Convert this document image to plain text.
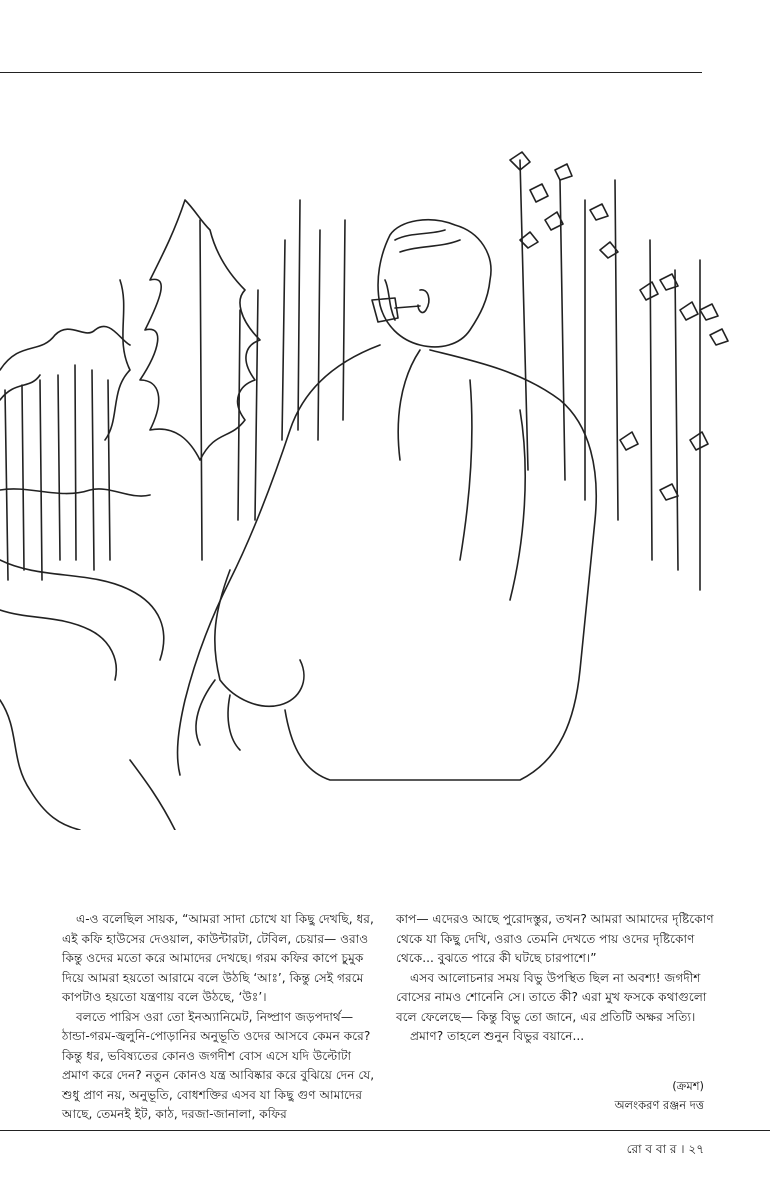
এ-ও বলেছিল সায়ক, “আমরা সাদা চোখে যা কিছু দেখছি, ধর, এই কফি হাউসের দেওয়াল, কাউন্টারটা, টেবিল, চেয়ার— ওরাও কিন্তু ওদের মতো করে আমাদের দেখছে। গরম কফির কাপে চুমুক দিয়ে আমরা হয়তো আরামে বলে উঠছি ‘আঃ’, কিন্তু সেই গরমে কাপটাও হয়তো যন্ত্রণায় বলে উঠছে, ‘উঃ’।

বলতে পারিস ওরা তো ইনঅ্যানিমেট, নিষ্প্রাণ জড়পদার্থ— ঠান্ডা-গরম-জ্বলুনি-পোড়ানির অনুভূতি ওদের আসবে কেমন করে? কিন্তু ধর, ভবিষ্যতের কোনও জগদীশ বোস এসে যদি উল্টোটা প্রমাণ করে দেন? নতুন কোনও যন্ত্র আবিষ্কার করে বুঝিয়ে দেন যে, শুধু প্রাণ নয়, অনুভূতি, বোধশক্তির এসব যা কিছু গুণ আমাদের আছে, তেমনই ইট, কাঠ, দরজা-জানালা, কফির

কাপ— এদেরও আছে পুরোদস্তুর, তখন? আমরা আমাদের দৃষ্টিকোণ থেকে যা কিছু দেখি, ওরাও তেমনি দেখতে পায় ওদের দৃষ্টিকোণ থেকে... বুঝতে পারে কী ঘটছে চারপাশে।”

এসব আলোচনার সময় বিভু উপস্থিত ছিল না অবশ্য! জগদীশ বোসের নামও শোনেনি সে। তাতে কী? এরা মুখ ফসকে কথাগুলো বলে ফেলেছে— কিন্তু বিভু তো জানে, এর প্রতিটি অক্ষর সত্যি।

প্রমাণ? তাহলে শুনুন বিভুর বয়ানে...

(ক্রমশ)
অলংকরণ রঞ্জন দত্ত
রো ব বা র । ২৭
